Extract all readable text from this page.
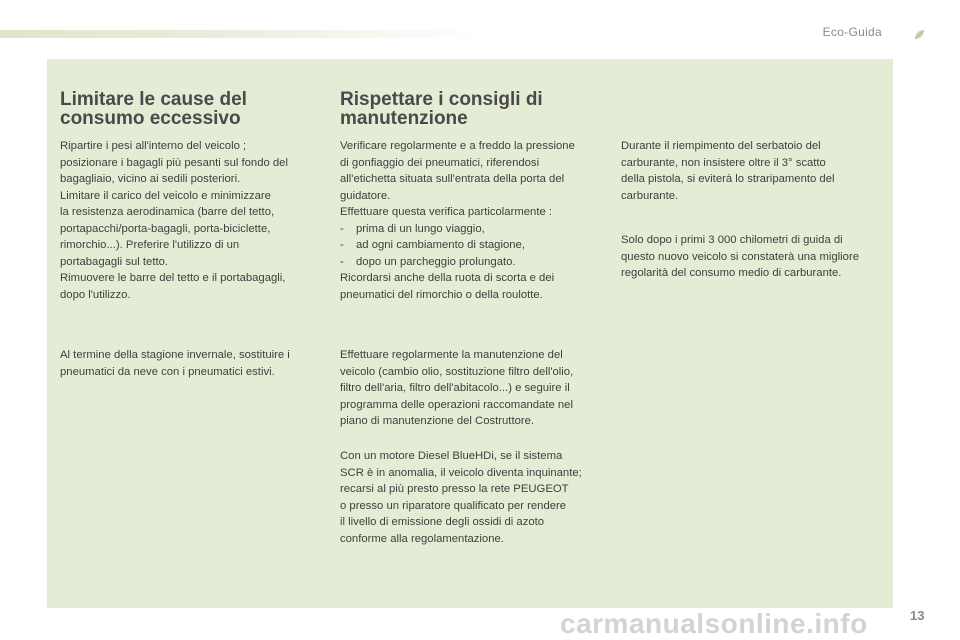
Eco-Guida
Limitare le cause del consumo eccessivo
Ripartire i pesi all'interno del veicolo ;
posizionare i bagagli più pesanti sul fondo del
bagagliaio, vicino ai sedili posteriori.
Limitare il carico del veicolo e minimizzare
la resistenza aerodinamica (barre del tetto,
portapacchi/porta-bagagli, porta-biciclette,
rimorchio...). Preferire l'utilizzo di un
portabagagli sul tetto.
Rimuovere le barre del tetto e il portabagagli,
dopo l'utilizzo.
Al termine della stagione invernale, sostituire i
pneumatici da neve con i pneumatici estivi.
Rispettare i consigli di manutenzione
Verificare regolarmente e a freddo la pressione
di gonfiaggio dei pneumatici, riferendosi
all'etichetta situata sull'entrata della porta del
guidatore.
Effettuare questa verifica particolarmente :
- prima di un lungo viaggio,
- ad ogni cambiamento di stagione,
- dopo un parcheggio prolungato.
Ricordarsi anche della ruota di scorta e dei
pneumatici del rimorchio o della roulotte.
Effettuare regolarmente la manutenzione del
veicolo (cambio olio, sostituzione filtro dell'olio,
filtro dell'aria, filtro dell'abitacolo...) e seguire il
programma delle operazioni raccomandate nel
piano di manutenzione del Costruttore.
Con un motore Diesel BlueHDi, se il sistema
SCR è in anomalia, il veicolo diventa inquinante;
recarsi al più presto presso la rete PEUGEOT
o presso un riparatore qualificato per rendere
il livello di emissione degli ossidi di azoto
conforme alla regolamentazione.
Durante il riempimento del serbatoio del
carburante, non insistere oltre il 3° scatto
della pistola, si eviterà lo straripamento del
carburante.
Solo dopo i primi 3 000 chilometri di guida di
questo nuovo veicolo si constaterà una migliore
regolarità del consumo medio di carburante.
carmanualsonline.info	13
